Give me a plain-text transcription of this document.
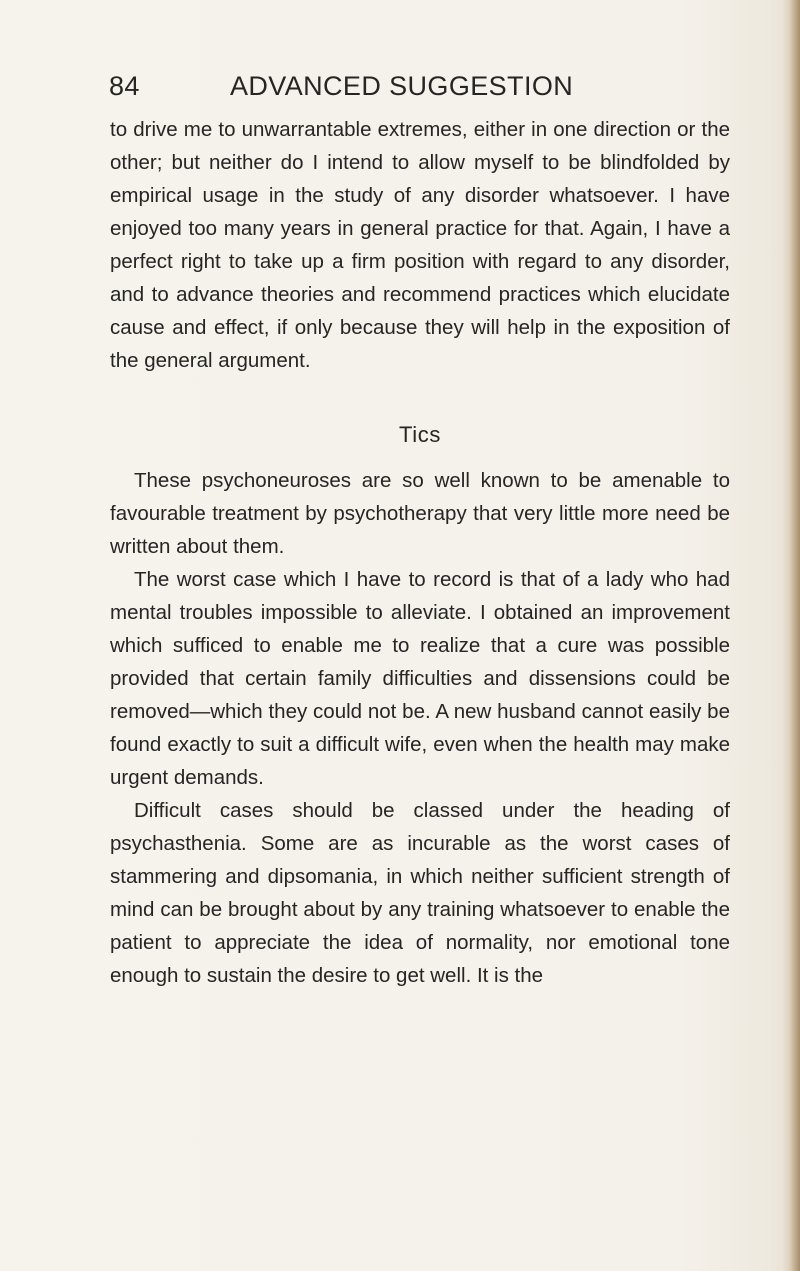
84	ADVANCED SUGGESTION

to drive me to unwarrantable extremes, either in one direction or the other; but neither do I intend to allow myself to be blindfolded by empirical usage in the study of any disorder whatsoever. I have enjoyed too many years in general practice for that. Again, I have a perfect right to take up a firm position with regard to any disorder, and to advance theories and recommend practices which elucidate cause and effect, if only because they will help in the exposition of the general argument.

Tics

These psychoneuroses are so well known to be amenable to favourable treatment by psychotherapy that very little more need be written about them.

The worst case which I have to record is that of a lady who had mental troubles impossible to alleviate. I obtained an improvement which sufficed to enable me to realize that a cure was possible provided that certain family difficulties and dissensions could be removed—which they could not be. A new husband cannot easily be found exactly to suit a difficult wife, even when the health may make urgent demands.

Difficult cases should be classed under the heading of psychasthenia. Some are as incurable as the worst cases of stammering and dipsomania, in which neither sufficient strength of mind can be brought about by any training whatsoever to enable the patient to appreciate the idea of normality, nor emotional tone enough to sustain the desire to get well. It is the
